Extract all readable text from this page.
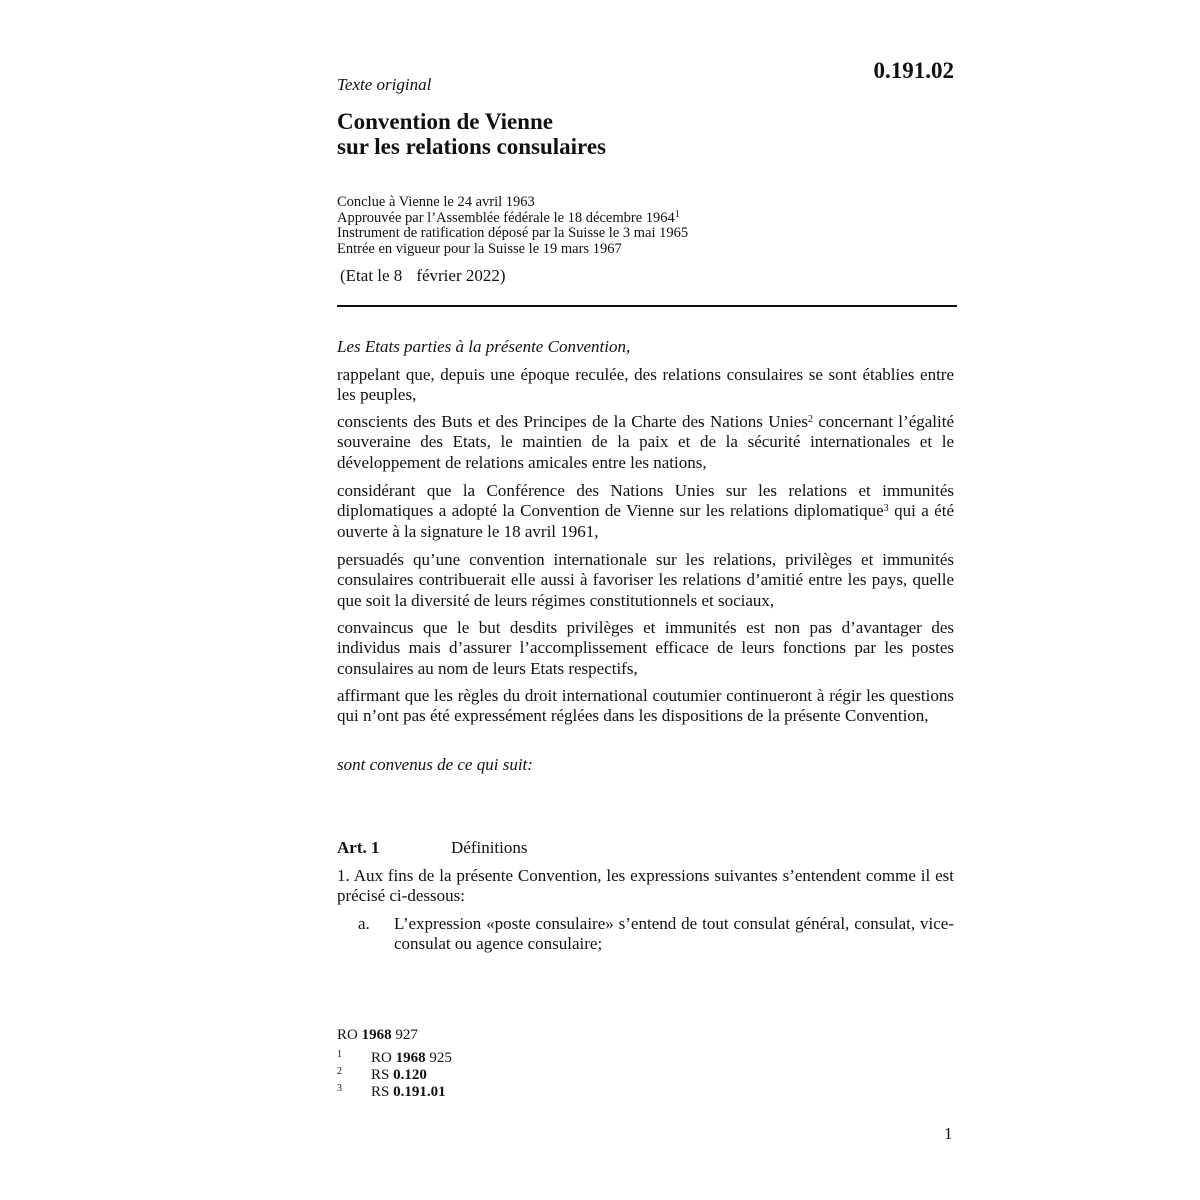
0.191.02
Texte original
Convention de Vienne
sur les relations consulaires
Conclue à Vienne le 24 avril 1963
Approuvée par l’Assemblée fédérale le 18 décembre 1964$^1$
Instrument de ratification déposé par la Suisse le 3 mai 1965
Entrée en vigueur pour la Suisse le 19 mars 1967
(Etat le 8 février 2022)
Les Etats parties à la présente Convention,
rappelant que, depuis une époque reculée, des relations consulaires se sont établies entre les peuples,
conscients des Buts et des Principes de la Charte des Nations Unies$^2$ concernant l’égalité souveraine des Etats, le maintien de la paix et de la sécurité internationales et le développement de relations amicales entre les nations,
considérant que la Conférence des Nations Unies sur les relations et immunités diplomatiques a adopté la Convention de Vienne sur les relations diplomatique$^3$ qui a été ouverte à la signature le 18 avril 1961,
persuadés qu’une convention internationale sur les relations, privilèges et immunités consulaires contribuerait elle aussi à favoriser les relations d’amitié entre les pays, quelle que soit la diversité de leurs régimes constitutionnels et sociaux,
convaincus que le but desdits privilèges et immunités est non pas d’avantager des individus mais d’assurer l’accomplissement efficace de leurs fonctions par les postes consulaires au nom de leurs Etats respectifs,
affirmant que les règles du droit international coutumier continueront à régir les questions qui n’ont pas été expressément réglées dans les dispositions de la présente Convention,
sont convenus de ce qui suit:
Art. 1	Définitions
1. Aux fins de la présente Convention, les expressions suivantes s’entendent comme il est précisé ci-dessous:
a. L’expression «poste consulaire» s’entend de tout consulat général, consulat, vice-consulat ou agence consulaire;
RO 1968 927
1 RO 1968 925
2 RS 0.120
3 RS 0.191.01
1
